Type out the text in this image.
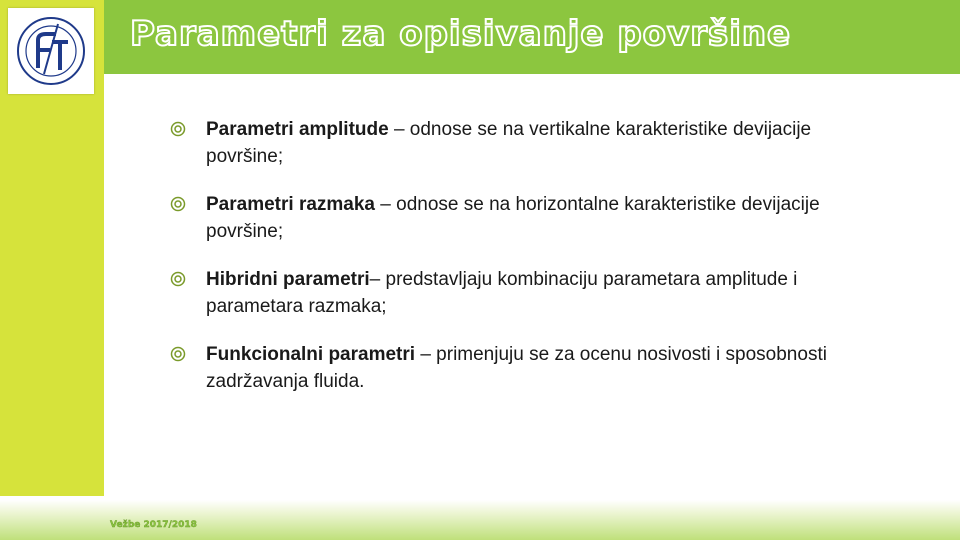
Parametri za opisivanje površine
Parametri amplitude – odnose se na vertikalne karakteristike devijacije površine;
Parametri razmaka – odnose se na horizontalne karakteristike devijacije površine;
Hibridni parametri– predstavljaju kombinaciju parametara amplitude i parametara razmaka;
Funkcionalni parametri – primenjuju se za ocenu nosivosti i sposobnosti zadržavanja fluida.
Vežbe 2017/2018
